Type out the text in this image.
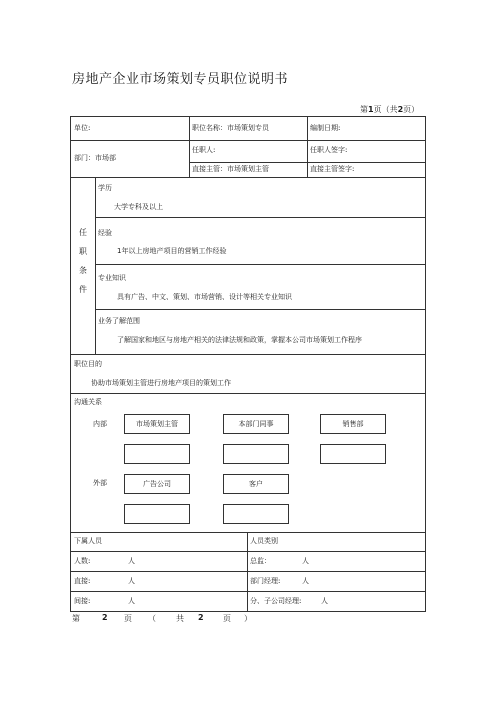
房地产企业市场策划专员职位说明书
第1页（共2页）
单位:	职位名称：市场策划专员	编制日期:
部门：市场部
任职人:	任职人签字:
直接主管：市场策划主管	直接主管签字:
任
职
条
件
学历
大学专科及以上
经验
1年以上房地产项目的营销工作经验
专业知识
具有广告、中文、策划、市场营销、设计等相关专业知识
业务了解范围
了解国家和地区与房地产相关的法律法规和政策，掌握本公司市场策划工作程序
职位目的
协助市场策划主管进行房地产项目的策划工作
沟通关系
内部	市场策划主管	本部门同事	销售部
外部	广告公司	客户
下属人员	人员类别
人数:	人	总监：	人
直接:	人	部门经理:	人
间接:	人	分、子公司经理:	人
第	2 页 （	共 2 页 ）
